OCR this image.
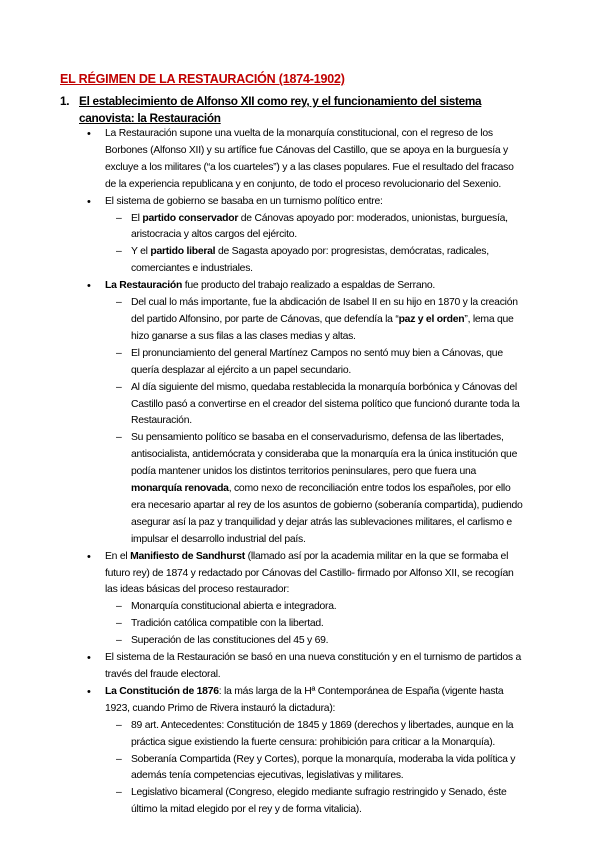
EL RÉGIMEN DE LA RESTAURACIÓN (1874-1902)
1. El establecimiento de Alfonso XII como rey, y el funcionamiento del sistema canovista: la Restauración
• La Restauración supone una vuelta de la monarquía constitucional, con el regreso de los Borbones (Alfonso XII) y su artífice fue Cánovas del Castillo, que se apoya en la burguesía y excluye a los militares (“a los cuarteles”) y a las clases populares. Fue el resultado del fracaso de la experiencia republicana y en conjunto, de todo el proceso revolucionario del Sexenio.
• El sistema de gobierno se basaba en un turnismo político entre:
– El partido conservador de Cánovas apoyado por: moderados, unionistas, burguesía, aristocracia y altos cargos del ejército.
– Y el partido liberal de Sagasta apoyado por: progresistas, demócratas, radicales, comerciantes e industriales.
• La Restauración fue producto del trabajo realizado a espaldas de Serrano.
– Del cual lo más importante, fue la abdicación de Isabel II en su hijo en 1870 y la creación del partido Alfonsino, por parte de Cánovas, que defendía la “paz y el orden”, lema que hizo ganarse a sus filas a las clases medias y altas.
– El pronunciamiento del general Martínez Campos no sentó muy bien a Cánovas, que quería desplazar al ejército a un papel secundario.
– Al día siguiente del mismo, quedaba restablecida la monarquía borbónica y Cánovas del Castillo pasó a convertirse en el creador del sistema político que funcionó durante toda la Restauración.
– Su pensamiento político se basaba en el conservadurismo, defensa de las libertades, antisocialista, antidemócrata y consideraba que la monarquía era la única institución que podía mantener unidos los distintos territorios peninsulares, pero que fuera una monarquía renovada, como nexo de reconciliación entre todos los españoles, por ello era necesario apartar al rey de los asuntos de gobierno (soberanía compartida), pudiendo asegurar así la paz y tranquilidad y dejar atrás las sublevaciones militares, el carlismo e impulsar el desarrollo industrial del país.
• En el Manifiesto de Sandhurst (llamado así por la academia militar en la que se formaba el futuro rey) de 1874 y redactado por Cánovas del Castillo- firmado por Alfonso XII, se recogían las ideas básicas del proceso restaurador:
– Monarquía constitucional abierta e integradora.
– Tradición católica compatible con la libertad.
– Superación de las constituciones del 45 y 69.
• El sistema de la Restauración se basó en una nueva constitución y en el turnismo de partidos a través del fraude electoral.
• La Constitución de 1876: la más larga de la Hª Contemporánea de España (vigente hasta 1923, cuando Primo de Rivera instauró la dictadura):
– 89 art. Antecedentes: Constitución de 1845 y 1869 (derechos y libertades, aunque en la práctica sigue existiendo la fuerte censura: prohibición para criticar a la Monarquía).
– Soberanía Compartida (Rey y Cortes), porque la monarquía, moderaba la vida política y además tenía competencias ejecutivas, legislativas y militares.
– Legislativo bicameral (Congreso, elegido mediante sufragio restringido y Senado, éste último la mitad elegido por el rey y de forma vitalicia).
